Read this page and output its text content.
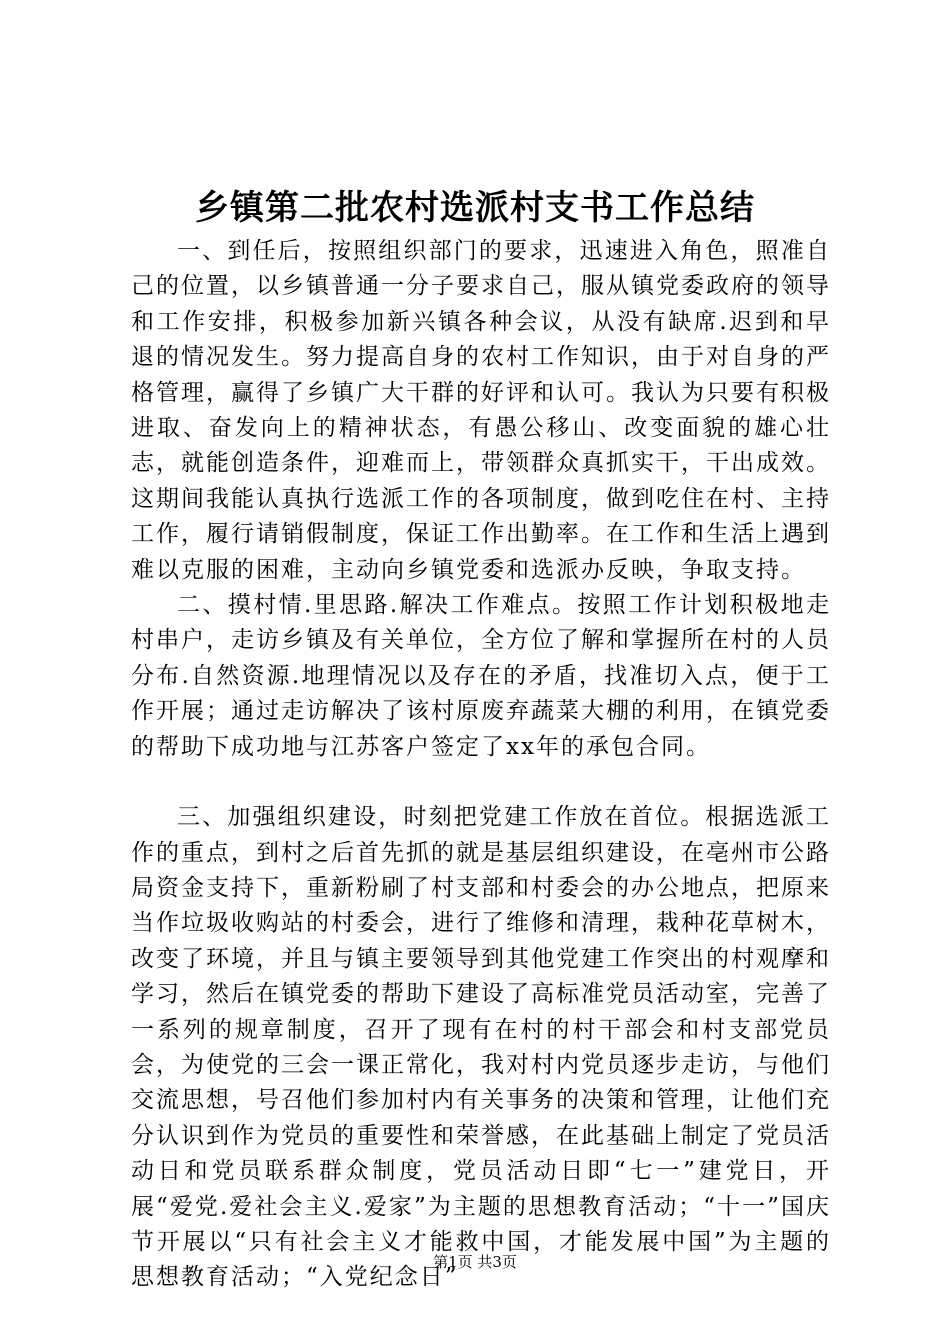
乡镇第二批农村选派村支书工作总结

一、到任后，按照组织部门的要求，迅速进入角色，照准自己的位置，以乡镇普通一分子要求自己，服从镇党委政府的领导和工作安排，积极参加新兴镇各种会议，从没有缺席.迟到和早退的情况发生。努力提高自身的农村工作知识，由于对自身的严格管理，赢得了乡镇广大干群的好评和认可。我认为只要有积极进取、奋发向上的精神状态，有愚公移山、改变面貌的雄心壮志，就能创造条件，迎难而上，带领群众真抓实干，干出成效。这期间我能认真执行选派工作的各项制度，做到吃住在村、主持工作，履行请销假制度，保证工作出勤率。在工作和生活上遇到难以克服的困难，主动向乡镇党委和选派办反映，争取支持。

二、摸村情.里思路.解决工作难点。按照工作计划积极地走村串户，走访乡镇及有关单位，全方位了解和掌握所在村的人员分布.自然资源.地理情况以及存在的矛盾，找准切入点，便于工作开展；通过走访解决了该村原废弃蔬菜大棚的利用，在镇党委的帮助下成功地与江苏客户签定了xx年的承包合同。

三、加强组织建设，时刻把党建工作放在首位。根据选派工作的重点，到村之后首先抓的就是基层组织建设，在亳州市公路局资金支持下，重新粉刷了村支部和村委会的办公地点，把原来当作垃圾收购站的村委会，进行了维修和清理，栽种花草树木，改变了环境，并且与镇主要领导到其他党建工作突出的村观摩和学习，然后在镇党委的帮助下建设了高标准党员活动室，完善了一系列的规章制度，召开了现有在村的村干部会和村支部党员会，为使党的三会一课正常化，我对村内党员逐步走访，与他们交流思想，号召他们参加村内有关事务的决策和管理，让他们充分认识到作为党员的重要性和荣誉感，在此基础上制定了党员活动日和党员联系群众制度，党员活动日即“七一”建党日，开展“爱党.爱社会主义.爱家”为主题的思想教育活动；“十一”国庆节开展以“只有社会主义才能救中国，才能发展中国”为主题的思想教育活动；“入党纪念日”

第1页 共3页
